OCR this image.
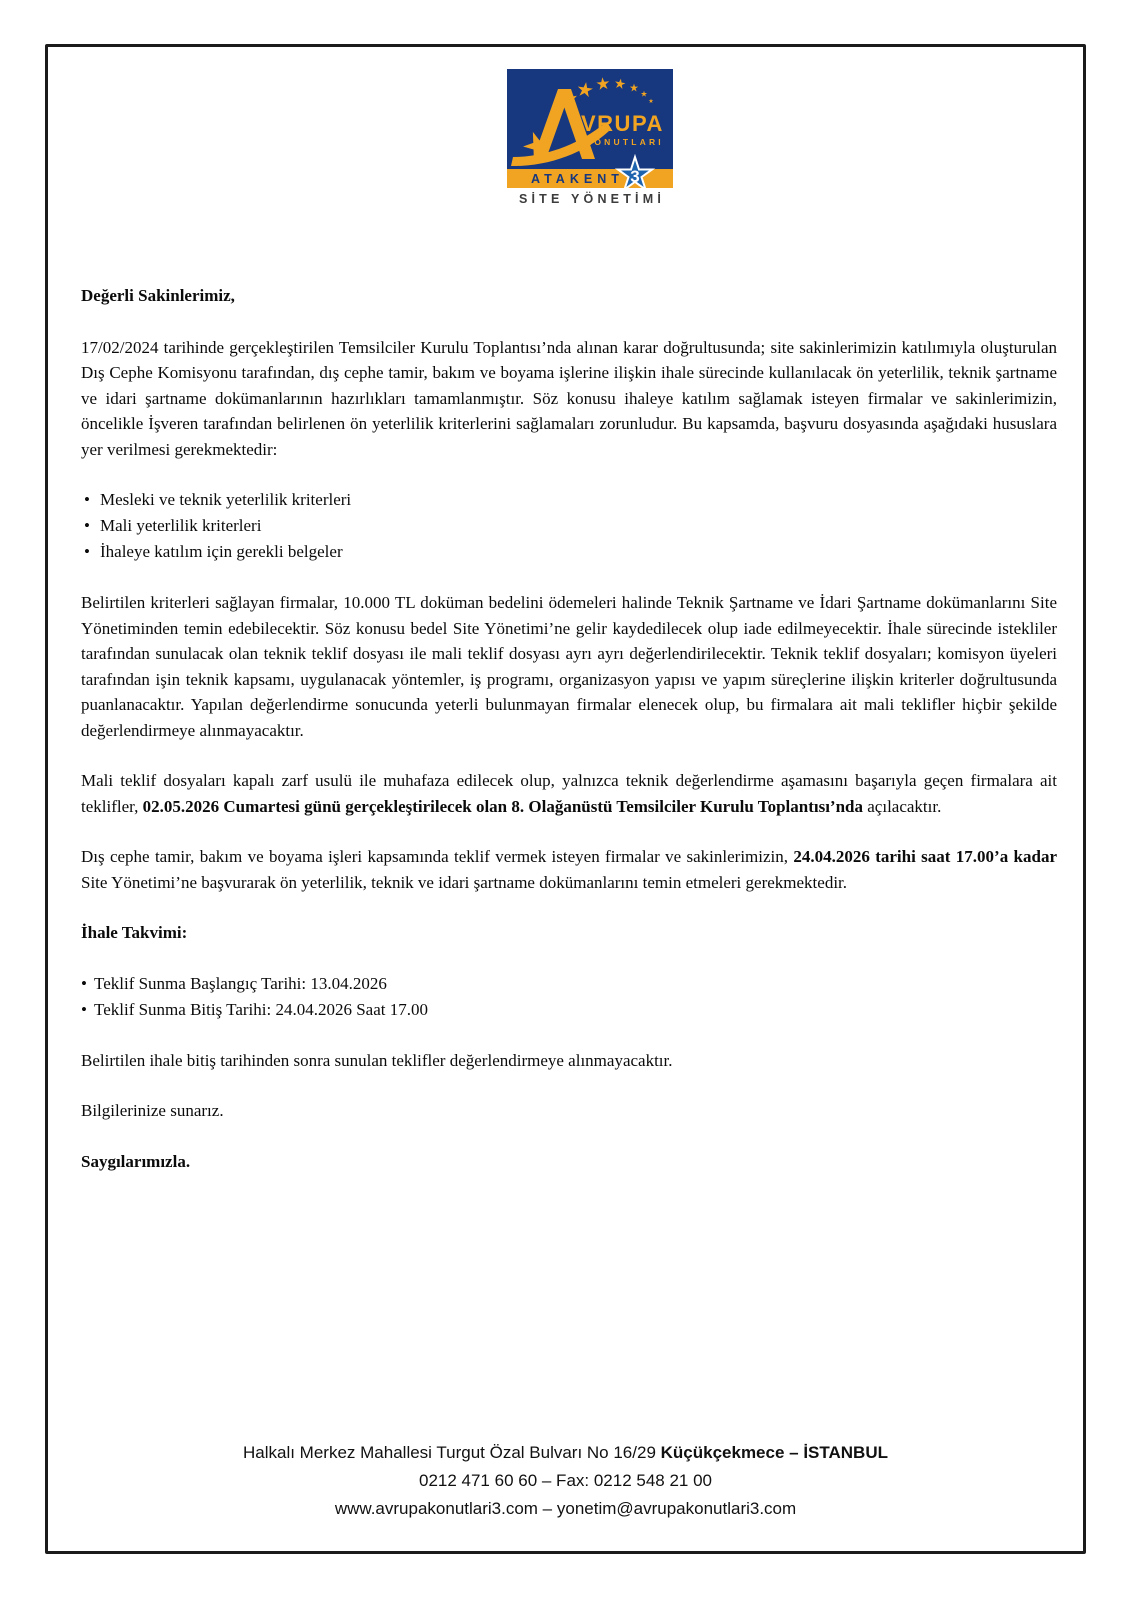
VRUPA
KONUTLARI
ATAKENT 3
SİTE YÖNETİMİ

Değerli Sakinlerimiz,

17/02/2024 tarihinde gerçekleştirilen Temsilciler Kurulu Toplantısı’nda alınan karar doğrultusunda; site sakinlerimizin katılımıyla oluşturulan Dış Cephe Komisyonu tarafından, dış cephe tamir, bakım ve boyama işlerine ilişkin ihale sürecinde kullanılacak ön yeterlilik, teknik şartname ve idari şartname dokümanlarının hazırlıkları tamamlanmıştır. Söz konusu ihaleye katılım sağlamak isteyen firmalar ve sakinlerimizin, öncelikle İşveren tarafından belirlenen ön yeterlilik kriterlerini sağlamaları zorunludur. Bu kapsamda, başvuru dosyasında aşağıdaki hususlara yer verilmesi gerekmektedir:

• Mesleki ve teknik yeterlilik kriterleri
• Mali yeterlilik kriterleri
• İhaleye katılım için gerekli belgeler

Belirtilen kriterleri sağlayan firmalar, 10.000 TL doküman bedelini ödemeleri halinde Teknik Şartname ve İdari Şartname dokümanlarını Site Yönetiminden temin edebilecektir. Söz konusu bedel Site Yönetimi’ne gelir kaydedilecek olup iade edilmeyecektir. İhale sürecinde istekliler tarafından sunulacak olan teknik teklif dosyası ile mali teklif dosyası ayrı ayrı değerlendirilecektir. Teknik teklif dosyaları; komisyon üyeleri tarafından işin teknik kapsamı, uygulanacak yöntemler, iş programı, organizasyon yapısı ve yapım süreçlerine ilişkin kriterler doğrultusunda puanlanacaktır. Yapılan değerlendirme sonucunda yeterli bulunmayan firmalar elenecek olup, bu firmalara ait mali teklifler hiçbir şekilde değerlendirmeye alınmayacaktır.

Mali teklif dosyaları kapalı zarf usulü ile muhafaza edilecek olup, yalnızca teknik değerlendirme aşamasını başarıyla geçen firmalara ait teklifler, 02.05.2026 Cumartesi günü gerçekleştirilecek olan 8. Olağanüstü Temsilciler Kurulu Toplantısı’nda açılacaktır.

Dış cephe tamir, bakım ve boyama işleri kapsamında teklif vermek isteyen firmalar ve sakinlerimizin, 24.04.2026 tarihi saat 17.00’a kadar Site Yönetimi’ne başvurarak ön yeterlilik, teknik ve idari şartname dokümanlarını temin etmeleri gerekmektedir.

İhale Takvimi:

• Teklif Sunma Başlangıç Tarihi: 13.04.2026
• Teklif Sunma Bitiş Tarihi: 24.04.2026 Saat 17.00

Belirtilen ihale bitiş tarihinden sonra sunulan teklifler değerlendirmeye alınmayacaktır.

Bilgilerinize sunarız.

Saygılarımızla.

Halkalı Merkez Mahallesi Turgut Özal Bulvarı No 16/29 Küçükçekmece – İSTANBUL
0212 471 60 60 – Fax: 0212 548 21 00
www.avrupakonutlari3.com – yonetim@avrupakonutlari3.com
